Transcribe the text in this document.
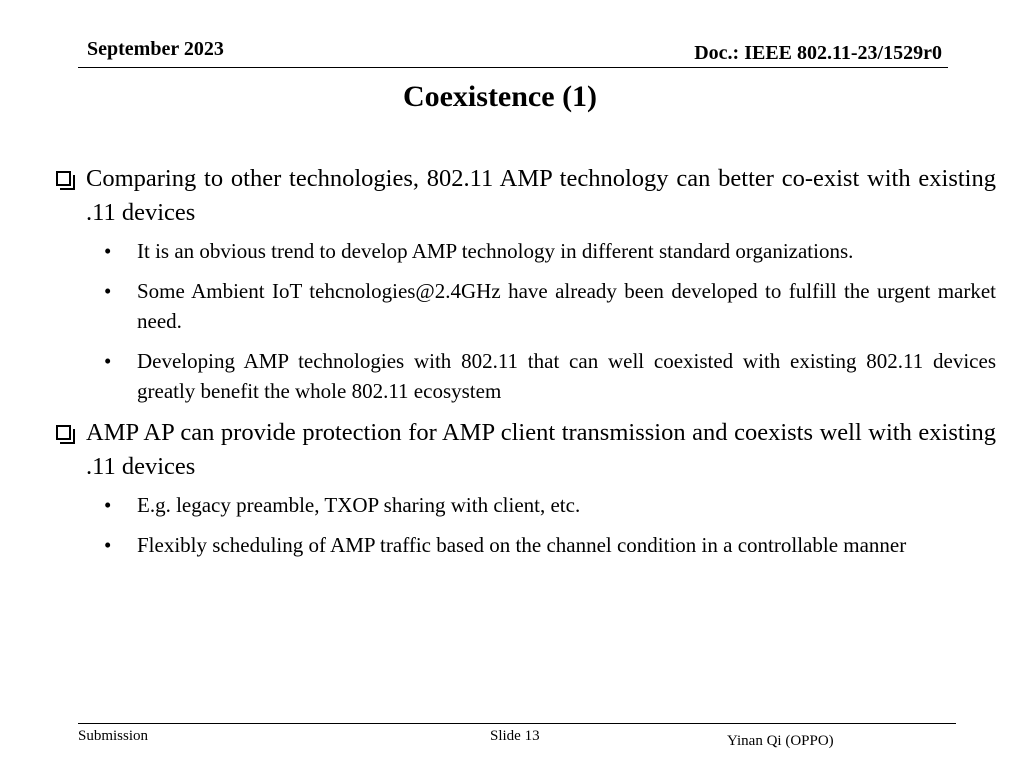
September 2023	Doc.: IEEE 802.11-23/1529r0
Coexistence (1)
Comparing to other technologies, 802.11 AMP technology can better co-exist with existing .11 devices
• It is an obvious trend to develop AMP technology in different standard organizations.
• Some Ambient IoT tehcnologies@2.4GHz have already been developed to fulfill the urgent market need.
• Developing AMP technologies with 802.11 that can well coexisted with existing 802.11 devices greatly benefit the whole 802.11 ecosystem
AMP AP can provide protection for AMP client transmission and coexists well with existing .11 devices
• E.g. legacy preamble, TXOP sharing with client, etc.
• Flexibly scheduling of AMP traffic based on the channel condition in a controllable manner
Submission	Slide 13	Yinan Qi (OPPO)
